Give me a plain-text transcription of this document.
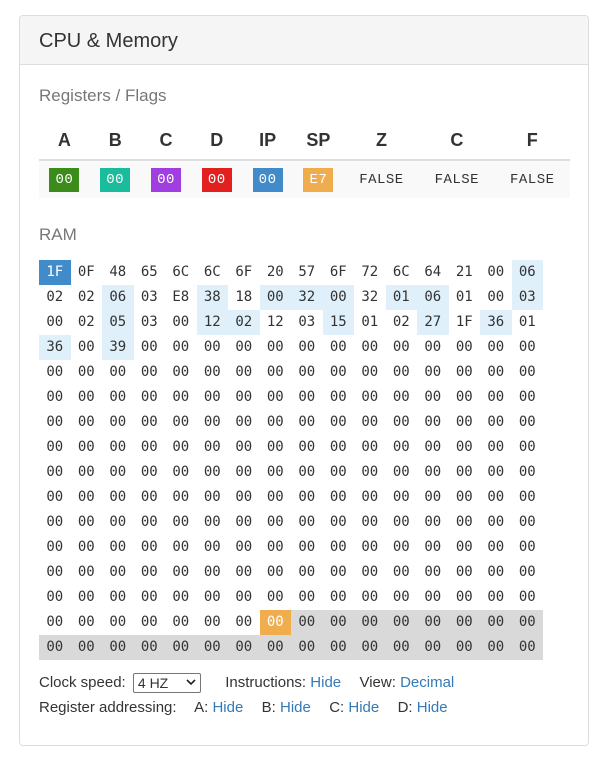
CPU & Memory
Registers / Flags
A	B	C	D	IP	SP	Z	C	F
00	00	00	00	00	E7	FALSE	FALSE	FALSE
RAM
1F	0F	48	65	6C	6C	6F	20	57	6F	72	6C	64	21	00	06
02	02	06	03	E8	38	18	00	32	00	32	01	06	01	00	03
00	02	05	03	00	12	02	12	03	15	01	02	27	1F	36	01
36	00	39	00	00	00	00	00	00	00	00	00	00	00	00	00
00	00	00	00	00	00	00	00	00	00	00	00	00	00	00	00
00	00	00	00	00	00	00	00	00	00	00	00	00	00	00	00
00	00	00	00	00	00	00	00	00	00	00	00	00	00	00	00
00	00	00	00	00	00	00	00	00	00	00	00	00	00	00	00
00	00	00	00	00	00	00	00	00	00	00	00	00	00	00	00
00	00	00	00	00	00	00	00	00	00	00	00	00	00	00	00
00	00	00	00	00	00	00	00	00	00	00	00	00	00	00	00
00	00	00	00	00	00	00	00	00	00	00	00	00	00	00	00
00	00	00	00	00	00	00	00	00	00	00	00	00	00	00	00
00	00	00	00	00	00	00	00	00	00	00	00	00	00	00	00
00	00	00	00	00	00	00	00	00	00	00	00	00	00	00	00
00	00	00	00	00	00	00	00	00	00	00	00	00	00	00	00
Clock speed: 4 HZ	Instructions: Hide View: Decimal
Register addressing: A: Hide B: Hide C: Hide D: Hide
